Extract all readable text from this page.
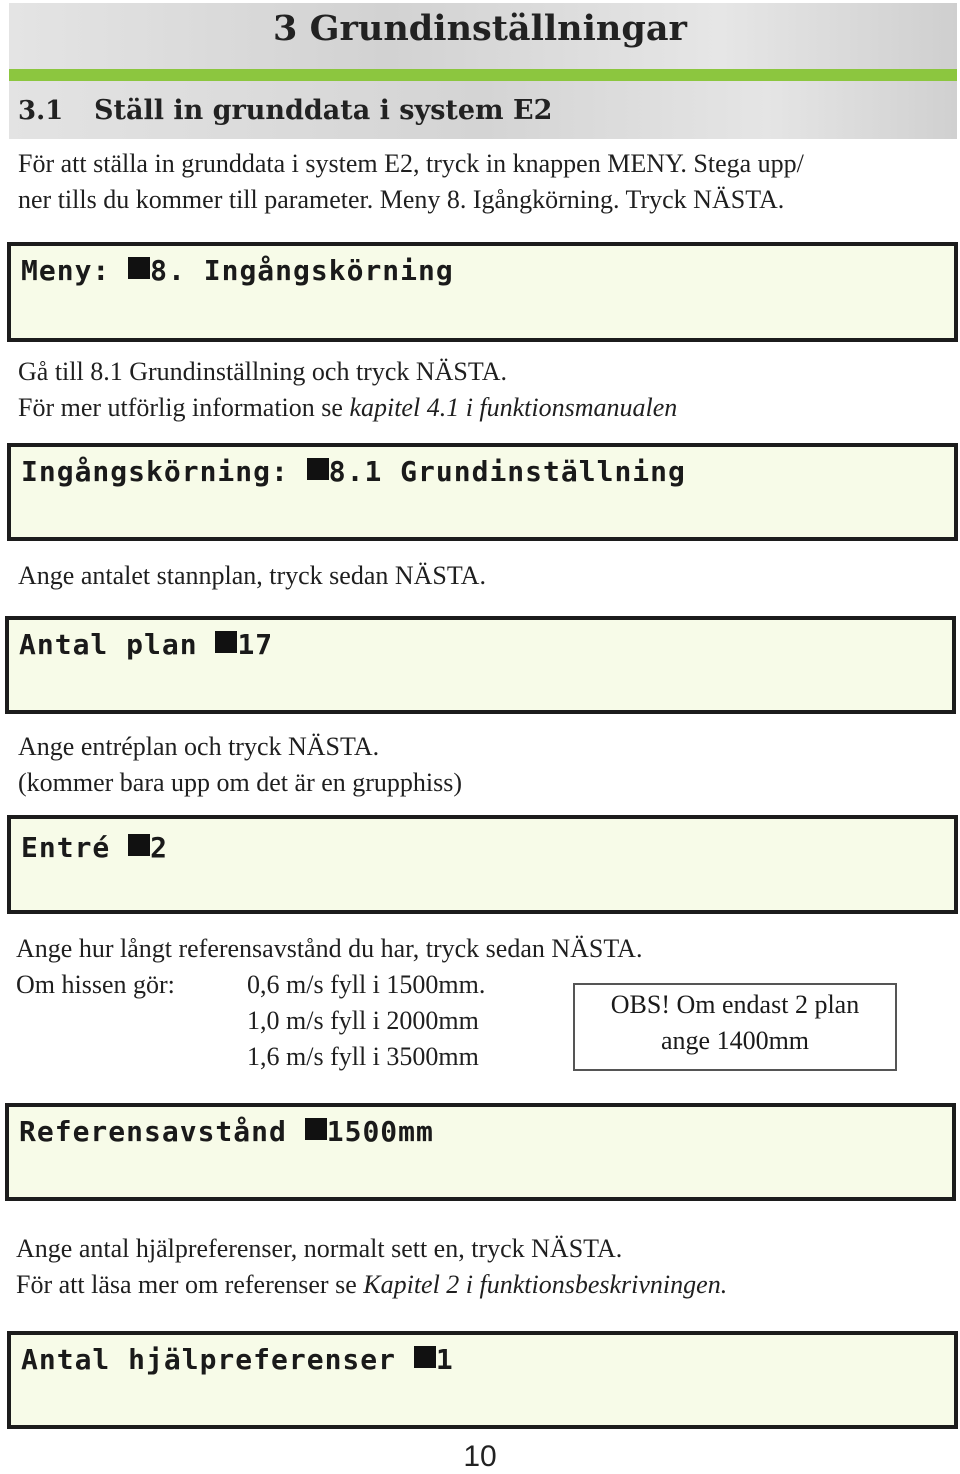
3 Grundinställningar
3.1 Ställ in grunddata i system E2
För att ställa in grunddata i system E2, tryck in knappen MENY. Stega upp/
ner tills du kommer till parameter. Meny 8. Igångkörning. Tryck NÄSTA.
Meny: 8. Ingångskörning
Gå till 8.1 Grundinställning och tryck NÄSTA.
För mer utförlig information se kapitel 4.1 i funktionsmanualen
Ingångskörning: 8.1 Grundinställning
Ange antalet stannplan, tryck sedan NÄSTA.
Antal plan 17
Ange entréplan och tryck NÄSTA.
(kommer bara upp om det är en grupphiss)
Entré 2
Ange hur långt referensavstånd du har, tryck sedan NÄSTA.
Om hissen gör:	0,6 m/s fyll i 1500mm.
1,0 m/s fyll i 2000mm
1,6 m/s fyll i 3500mm
OBS! Om endast 2 plan
ange 1400mm
Referensavstånd 1500mm
Ange antal hjälpreferenser, normalt sett en, tryck NÄSTA.
För att läsa mer om referenser se Kapitel 2 i funktionsbeskrivningen.
Antal hjälpreferenser 1
10
